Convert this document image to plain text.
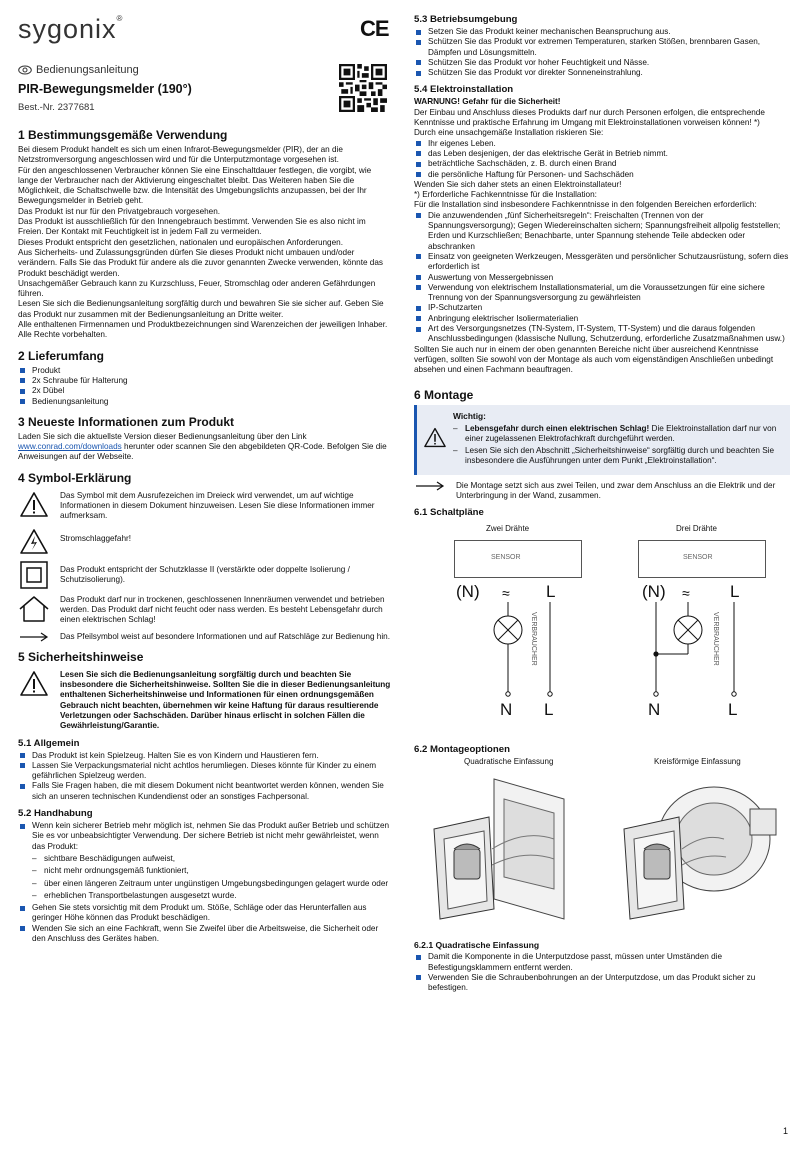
sygonix®
Bedienungsanleitung
PIR-Bewegungsmelder (190°)
Best.-Nr. 2377681
1 Bestimmungsgemäße Verwendung

Bei diesem Produkt handelt es sich um einen Infrarot-Bewegungsmelder (PIR), der an die Netzstromversorgung angeschlossen wird und für die Unterputzmontage vorgesehen ist.

Für den angeschlossenen Verbraucher können Sie eine Einschaltdauer festlegen, die vorgibt, wie lange der Verbraucher nach der Aktivierung eingeschaltet bleibt. Das Weiteren haben Sie die Möglichkeit, die Schaltschwelle bzw. die Intensität des Umgebungslichts anzupassen, bei der Ihr Bewegungsmelder in Betrieb geht.

Das Produkt ist nur für den Privatgebrauch vorgesehen.

Das Produkt ist ausschließlich für den Innengebrauch bestimmt. Verwenden Sie es also nicht im Freien. Der Kontakt mit Feuchtigkeit ist in jedem Fall zu vermeiden.

Dieses Produkt entspricht den gesetzlichen, nationalen und europäischen Anforderungen.

Aus Sicherheits- und Zulassungsgründen dürfen Sie dieses Produkt nicht umbauen und/oder verändern. Falls Sie das Produkt für andere als die zuvor genannten Zwecke verwenden, könnte das Produkt beschädigt werden.

Unsachgemäßer Gebrauch kann zu Kurzschluss, Feuer, Stromschlag oder anderen Gefährdungen führen.

Lesen Sie sich die Bedienungsanleitung sorgfältig durch und bewahren Sie sie sicher auf. Geben Sie das Produkt nur zusammen mit der Bedienungsanleitung an Dritte weiter.

Alle enthaltenen Firmennamen und Produktbezeichnungen sind Warenzeichen der jeweiligen Inhaber. Alle Rechte vorbehalten.

2 Lieferumfang
Produkt
2x Schraube für Halterung
2x Dübel
Bedienungsanleitung
3 Neueste Informationen zum Produkt

Laden Sie sich die aktuellste Version dieser Bedienungsanleitung über den Link www.conrad.com/downloads herunter oder scannen Sie den abgebildeten QR-Code. Befolgen Sie die Anweisungen auf der Webseite.

4 Symbol-Erklärung
Das Symbol mit dem Ausrufezeichen im Dreieck wird verwendet, um auf wichtige Informationen in diesem Dokument hinzuweisen. Lesen Sie diese Informationen immer aufmerksam.
Stromschlaggefahr!
Das Produkt entspricht der Schutzklasse II (verstärkte oder doppelte Isolierung / Schutzisolierung).
Das Produkt darf nur in trockenen, geschlossenen Innenräumen verwendet und betrieben werden. Das Produkt darf nicht feucht oder nass werden. Es besteht Lebensgefahr durch einen elektrischen Schlag!
Das Pfeilsymbol weist auf besondere Informationen und auf Ratschläge zur Bedienung hin.
5 Sicherheitshinweise
Lesen Sie sich die Bedienungsanleitung sorgfältig durch und beachten Sie insbesondere die Sicherheitshinweise. Sollten Sie die in dieser Bedienungsanleitung enthaltenen Sicherheitshinweise und Informationen für einen ordnungsgemäßen Gebrauch nicht beachten, übernehmen wir keine Haftung für daraus resultierende Verletzungen oder Sachschäden. Darüber hinaus erlischt in solchen Fällen die Gewährleistung/Garantie.
5.1 Allgemein
Das Produkt ist kein Spielzeug. Halten Sie es von Kindern und Haustieren fern.
Lassen Sie Verpackungsmaterial nicht achtlos herumliegen. Dieses könnte für Kinder zu einem gefährlichen Spielzeug werden.
Falls Sie Fragen haben, die mit diesem Dokument nicht beantwortet werden können, wenden Sie sich an unseren technischen Kundendienst oder an sonstiges Fachpersonal.
5.2 Handhabung
Wenn kein sicherer Betrieb mehr möglich ist, nehmen Sie das Produkt außer Betrieb und schützen Sie es vor unbeabsichtigter Verwendung. Der sichere Betrieb ist nicht mehr gewährleistet, wenn das Produkt:
– sichtbare Beschädigungen aufweist,
– nicht mehr ordnungsgemäß funktioniert,
– über einen längeren Zeitraum unter ungünstigen Umgebungsbedingungen gelagert wurde oder
– erheblichen Transportbelastungen ausgesetzt wurde.
Gehen Sie stets vorsichtig mit dem Produkt um. Stöße, Schläge oder das Herunterfallen aus geringer Höhe können das Produkt beschädigen.
Wenden Sie sich an eine Fachkraft, wenn Sie Zweifel über die Arbeitsweise, die Sicherheit oder den Anschluss des Gerätes haben.
CE	5.3 Betriebsumgebung
Setzen Sie das Produkt keiner mechanischen Beanspruchung aus.
Schützen Sie das Produkt vor extremen Temperaturen, starken Stößen, brennbaren Gasen, Dämpfen und Lösungsmitteln.
Schützen Sie das Produkt vor hoher Feuchtigkeit und Nässe.
Schützen Sie das Produkt vor direkter Sonneneinstrahlung.
5.4 Elektroinstallation

WARNUNG! Gefahr für die Sicherheit!

Der Einbau und Anschluss dieses Produkts darf nur durch Personen erfolgen, die entsprechende Kenntnisse und praktische Erfahrung im Umgang mit Elektroinstallationen vorweisen können! *)

Durch eine unsachgemäße Installation riskieren Sie:

Ihr eigenes Leben.
das Leben desjenigen, der das elektrische Gerät in Betrieb nimmt.
beträchtliche Sachschäden, z. B. durch einen Brand
die persönliche Haftung für Personen- und Sachschäden

Wenden Sie sich daher stets an einen Elektroinstallateur!

*) Erforderliche Fachkenntnisse für die Installation:

Für die Installation sind insbesondere Fachkenntnisse in den folgenden Bereichen erforderlich:

Die anzuwendenden „fünf Sicherheitsregeln“: Freischalten (Trennen von der Spannungsversorgung); Gegen Wiedereinschalten sichern; Spannungsfreiheit allpolig feststellen; Erden und Kurzschließen; Benachbarte, unter Spannung stehende Teile abdecken oder abschranken
Einsatz von geeigneten Werkzeugen, Messgeräten und persönlicher Schutzausrüstung, sofern dies erforderlich ist
Auswertung von Messergebnissen
Verwendung von elektrischem Installationsmaterial, um die Voraussetzungen für eine sichere Trennung von der Spannungsversorgung zu gewährleisten
IP-Schutzarten
Anbringung elektrischer Isoliermaterialien
Art des Versorgungsnetzes (TN-System, IT-System, TT-System) und die daraus folgenden Anschlussbedingungen (klassische Nullung, Schutzerdung, erforderliche Zusatzmaßnahmen usw.)

Sollten Sie auch nur in einem der oben genannten Bereiche nicht über ausreichend Kenntnisse verfügen, sollten Sie sowohl von der Montage als auch vom eigenständigen Anschließen unbedingt absehen und einen Fachmann beauftragen.

6 Montage
Wichtig:
– Lebensgefahr durch einen elektrischen Schlag! Die Elektroinstallation darf nur von einer zugelassenen Elektrofachkraft durchgeführt werden.
– Lesen Sie sich den Abschnitt „Sicherheitshinweise“ sorgfältig durch und beachten Sie insbesondere die Ausführungen unter dem Punkt „Elektroinstallation“.
Die Montage setzt sich aus zwei Teilen, und zwar dem Anschluss an die Elektrik und der Unterbringung in der Wand, zusammen.
6.1 Schaltpläne
Zwei Drähte
SENSOR
(N)	L
VERBRAUCHER
N L
Drei Drähte
SENSOR
(N)	L
VERBRAUCHER
N	L
≈	≈
6.2 Montageoptionen
Quadratische Einfassung	Kreisförmige Einfassung
6.2.1 Quadratische Einfassung
Damit die Komponente in die Unterputzdose passt, müssen unter Umständen die Befestigungsklammern entfernt werden.
Verwenden Sie die Schraubenbohrungen an der Unterputzdose, um das Produkt sicher zu befestigen.
1
